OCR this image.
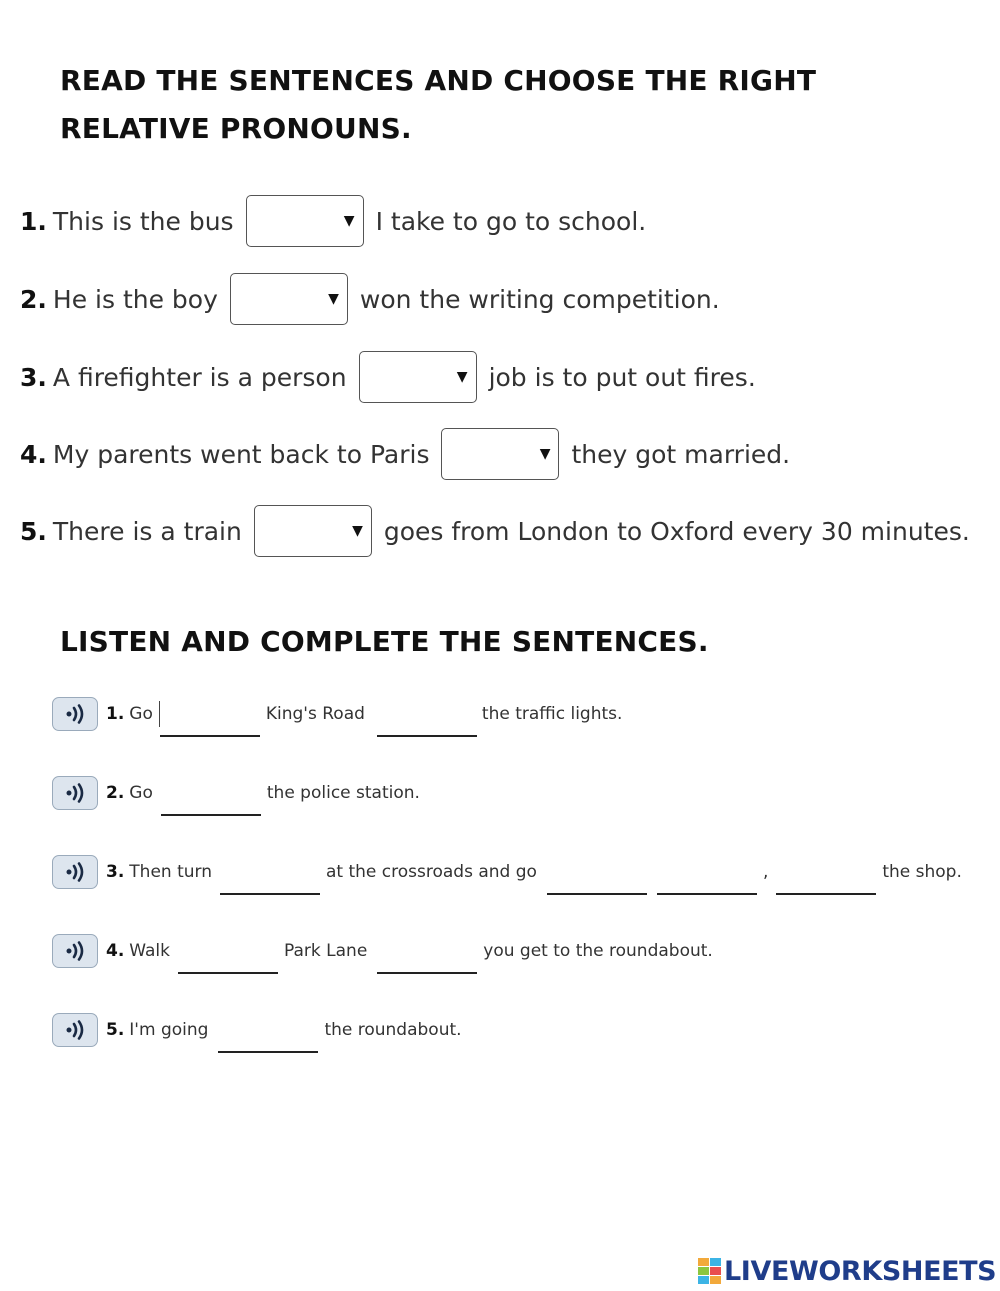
READ THE SENTENCES AND CHOOSE THE RIGHT RELATIVE PRONOUNS.
1. This is the bus	▼ I take to go to school.
2. He is the boy	▼ won the writing competition.
3. A firefighter is a person	▼ job is to put out fires.
4. My parents went back to Paris	▼ they got married.
5. There is a train	▼ goes from London to Oxford every 30 minutes.
LISTEN AND COMPLETE THE SENTENCES.
1. Go	King's Road	the traffic lights.
2. Go	the police station.
3. Then turn	at the crossroads and go	,	the shop.
4. Walk	Park Lane	you get to the roundabout.
5. I'm going	the roundabout.
LIVEWORKSHEETS
